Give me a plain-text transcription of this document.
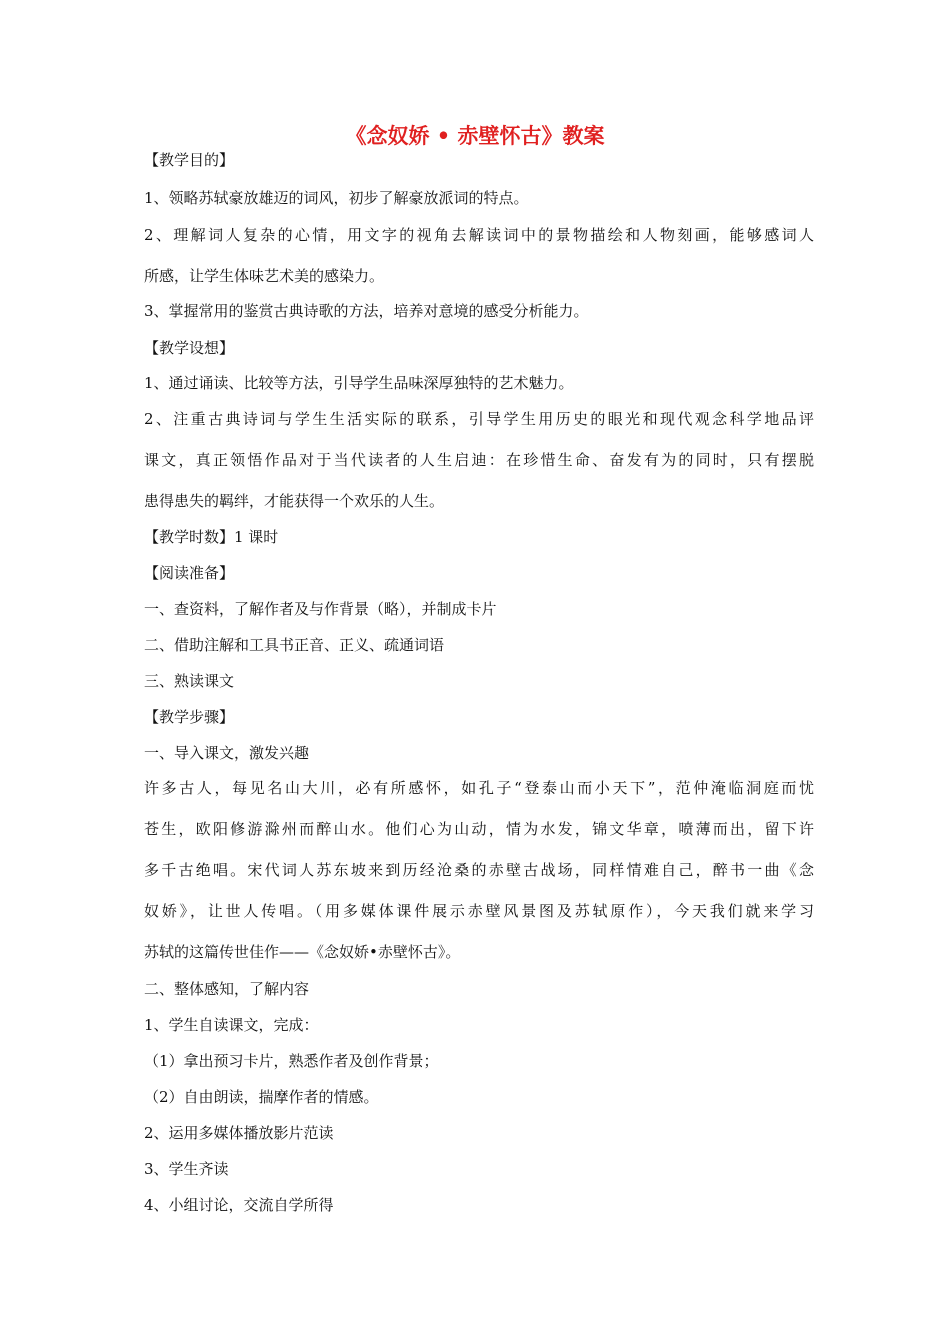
《念奴娇 • 赤壁怀古》教案
【教学目的】
1、领略苏轼豪放雄迈的词风，初步了解豪放派词的特点。
2、理解词人复杂的心情，用文字的视角去解读词中的景物描绘和人物刻画，能够感词人
所感，让学生体味艺术美的感染力。
3、掌握常用的鉴赏古典诗歌的方法，培养对意境的感受分析能力。
【教学设想】
1、通过诵读、比较等方法，引导学生品味深厚独特的艺术魅力。
2、注重古典诗词与学生生活实际的联系，引导学生用历史的眼光和现代观念科学地品评
课文，真正领悟作品对于当代读者的人生启迪：在珍惜生命、奋发有为的同时，只有摆脱
患得患失的羁绊，才能获得一个欢乐的人生。
【教学时数】1 课时
【阅读准备】
一、查资料，了解作者及与作背景（略），并制成卡片
二、借助注解和工具书正音、正义、疏通词语
三、熟读课文
【教学步骤】
一、导入课文，激发兴趣
许多古人，每见名山大川，必有所感怀，如孔子“登泰山而小天下”，范仲淹临洞庭而忧
苍生，欧阳修游滁州而醉山水。他们心为山动，情为水发，锦文华章，喷薄而出，留下许
多千古绝唱。宋代词人苏东坡来到历经沧桑的赤壁古战场，同样情难自己，醉书一曲《念
奴娇》，让世人传唱。（用多媒体课件展示赤壁风景图及苏轼原作），今天我们就来学习
苏轼的这篇传世佳作——《念奴娇•赤壁怀古》。
二、整体感知，了解内容
1、学生自读课文，完成：
（1）拿出预习卡片，熟悉作者及创作背景；
（2）自由朗读，揣摩作者的情感。
2、运用多媒体播放影片范读
3、学生齐读
4、小组讨论，交流自学所得
